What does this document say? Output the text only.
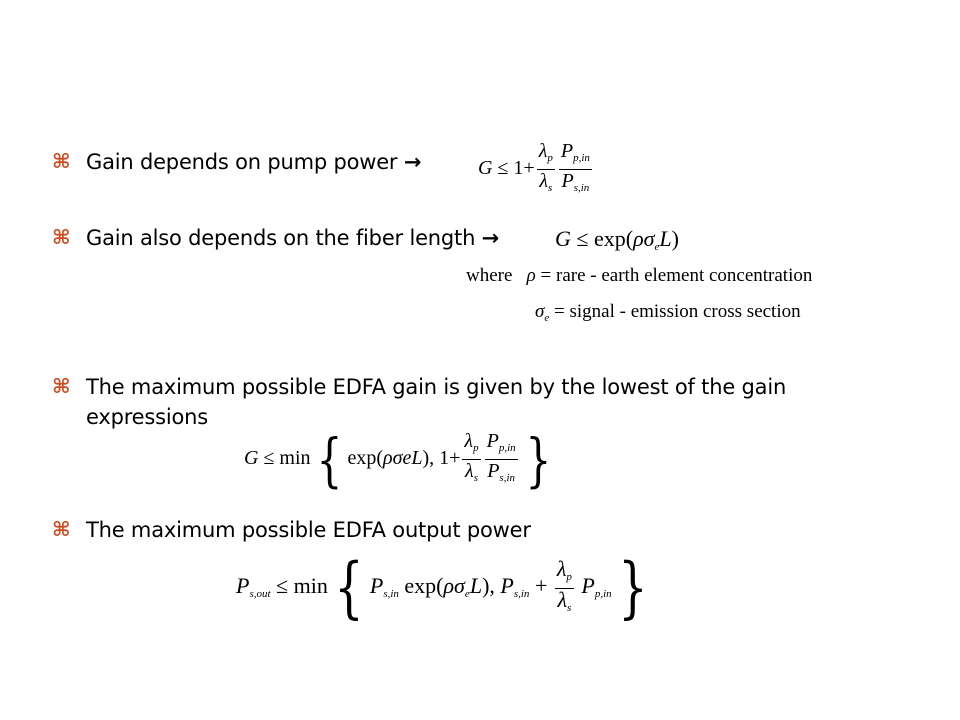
⌘ Gain depends on pump power →	$G \le 1+ \frac{\lambda_p}{\lambda_s} \frac{P_{p,in}}{P_{s,in}}$
⌘ Gain also depends on the fiber length →	$G \le \exp(\rho\sigma_eL)$
where ρ = rare - earth element concentration
$\sigma_e$ = signal - emission cross section
⌘ The maximum possible EDFA gain is given by the lowest of the gain
expressions
G ≤ min{ exp(ρσeL), $1+ \frac{\lambda_p}{\lambda_s} \frac{P_{p,in}}{P_{s,in}}$ }
⌘ The maximum possible EDFA output power
$P_{s,out} \le \min${ $P_{s,in}$ $\exp(\rho\sigma_eL)$, $P_{s,in} + \frac{\lambda_p}{\lambda_s} P_{p,in}$}
